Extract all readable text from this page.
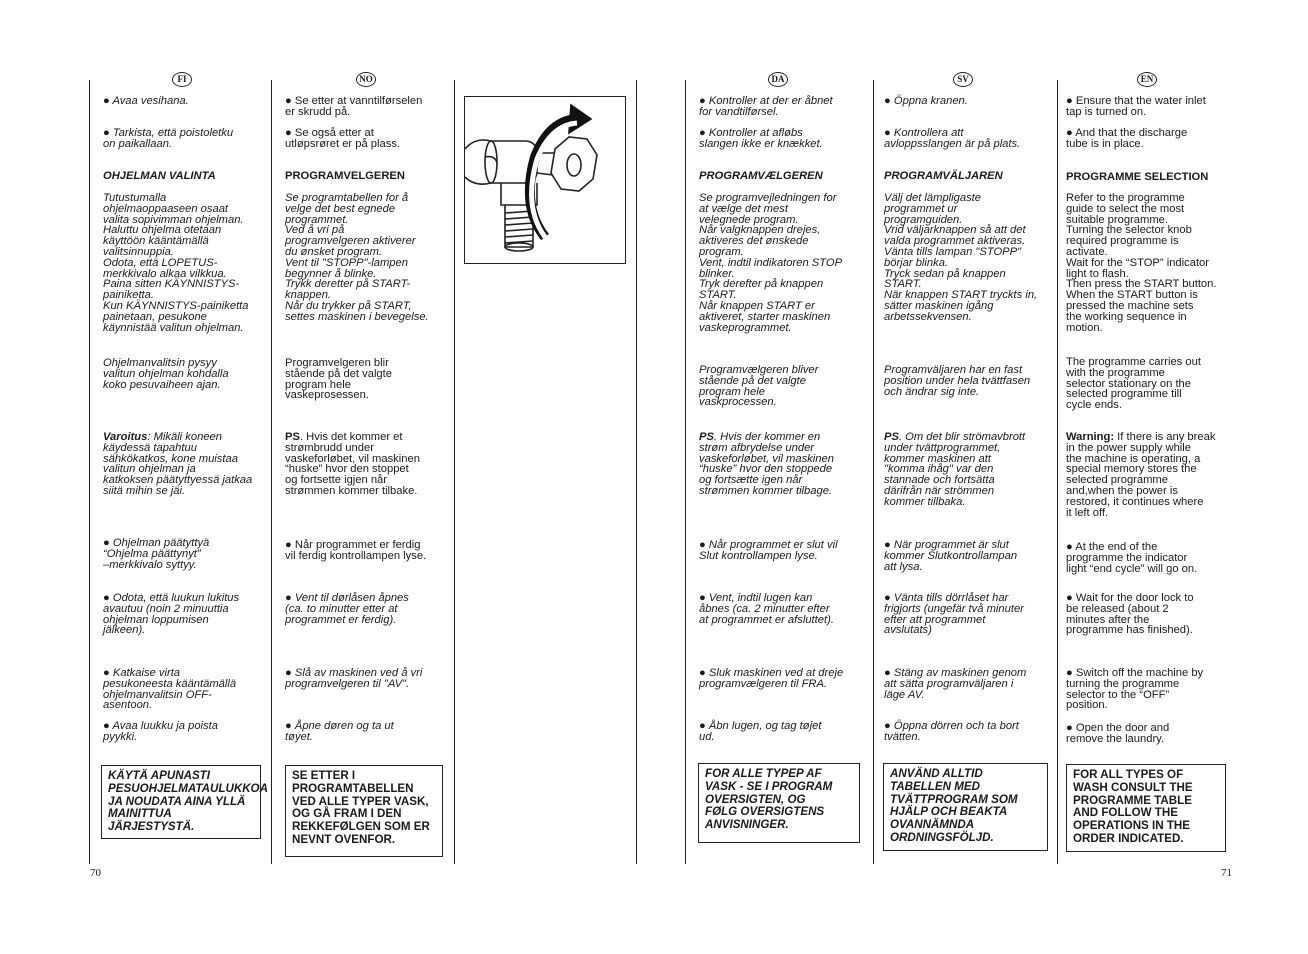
FI

● Avaa vesihana.

● Tarkista, että poistoletku
on paikallaan.

OHJELMAN VALINTA

Tutustumalla
ohjelmaoppaaseen osaat
valita sopivimman ohjelman.
Haluttu ohjelma otetaan
käyttöön kääntämällä
valitsinnuppia.
Odota, että LOPETUS-
merkkivalo alkaa vilkkua.
Paina sitten KÄYNNISTYS-
painiketta.
Kun KÄYNNISTYS-painiketta
painetaan, pesukone
käynnistää valitun ohjelman.

Ohjelmanvalitsin pysyy
valitun ohjelman kohdalla
koko pesuvaiheen ajan.

Varoitus: Mikäli koneen
käydessä tapahtuu
sähkökatkos, kone muistaa
valitun ohjelman ja
katkoksen päätyttyessä jatkaa
siitä mihin se jäi.

● Ohjelman päätyttyä
“Ohjelma päättynyt”
–merkkivalo syttyy.

● Odota, että luukun lukitus
avautuu (noin 2 minuuttia
ohjelman loppumisen
jälkeen).

● Katkaise virta
pesukoneesta kääntämällä
ohjelmanvalitsin OFF-
asentoon.

● Avaa luukku ja poista
pyykki.

KÄYTÄ APUNASTI
PESUOHJELMATAULUKKOA
JA NOUDATA AINA YLLÄ
MAINITTUA JÄRJESTYSTÄ.
NO

● Se etter at vanntilførselen
er skrudd på.

● Se også etter at
utløpsrøret er på plass.

PROGRAMVELGEREN

Se programtabellen for å
velge det best egnede
programmet.
Ved å vri på
programvelgeren aktiverer
du ønsket program.
Vent til "STOPP"-lampen
begynner å blinke.
Trykk deretter på START-
knappen.
Når du trykker på START,
settes maskinen i bevegelse.

Programvelgeren blir
stående på det valgte
program hele
vaskeprosessen.

PS. Hvis det kommer et
strømbrudd under
vaskeforløbet, vil maskinen
“huske” hvor den stoppet
og fortsette igjen når
strømmen kommer tilbake.

● Når programmet er ferdig
vil ferdig kontrollampen lyse.

● Vent til dørlåsen åpnes
(ca. to minutter etter at
programmet er ferdig).

● Slå av maskinen ved å vri
programvelgeren til "AV".

● Åpne døren og ta ut
tøyet.

SE ETTER I
PROGRAMTABELLEN
VED ALLE TYPER VASK,
OG GÅ FRAM I DEN
REKKEFØLGEN SOM ER
NEVNT OVENFOR.
DA

● Kontroller at der er åbnet
for vandtilførsel.

● Kontroller at afløbs
slangen ikke er knækket.

PROGRAMVÆLGEREN

Se programvejledningen for
at vælge det mest
velegnede program.
Når valgknappen drejes,
aktiveres det ønskede
program.
Vent, indtil indikatoren STOP
blinker.
Tryk derefter på knappen
START.
Når knappen START er
aktiveret, starter maskinen
vaskeprogrammet.

Programvælgeren bliver
stående på det valgte
program hele
vaskprocessen.

PS. Hvis der kommer en
strøm afbrydelse under
vaskeforløbet, vil maskinen
“huske” hvor den stoppede
og fortsætte igen når
strømmen kommer tilbage.

● Når programmet er slut vil
Slut kontrollampen lyse.

● Vent, indtil lugen kan
åbnes (ca. 2 minutter efter
at programmet er afsluttet).

● Sluk maskinen ved at dreje
programvælgeren til FRA.

● Åbn lugen, og tag tøjet
ud.

FOR ALLE TYPEP AF
VASK - SE I PROGRAM
OVERSIGTEN, OG
FØLG OVERSIGTENS
ANVISNINGER.
SV

● Öppna kranen.

● Kontrollera att
avloppsslangen är på plats.

PROGRAMVÄLJAREN

Välj det lämpligaste
programmet ur
programguiden.
Vrid väljarknappen så att det
valda programmet aktiveras.
Vänta tills lampan "STOPP"
börjar blinka.
Tryck sedan på knappen
START.
När knappen START tryckts in,
sätter maskinen igång
arbetssekvensen.

Programväljaren har en fast
position under hela tvättfasen
och ändrar sig inte.

PS. Om det blir strömavbrott
under tvättprogrammet,
kommer maskinen att
"komma ihåg" var den
stannade och fortsätta
därifrån när strömmen
kommer tillbaka.

● När programmet är slut
kommer Slutkontrollampan
att lysa.

● Vänta tills dörrlåset har
frigjorts (ungefär två minuter
efter att programmet
avslutats)

● Stäng av maskinen genom
att sätta programväljaren i
läge AV.

● Öppna dörren och ta bort
tvätten.

ANVÄND ALLTID
TABELLEN MED
TVÄTTPROGRAM SOM
HJÄLP OCH BEAKTA
OVANNÄMNDA
ORDNINGSFÖLJD.
EN

● Ensure that the water inlet
tap is turned on.

● And that the discharge
tube is in place.

PROGRAMME SELECTION

Refer to the programme
guide to select the most
suitable programme.
Turning the selector knob
required programme is
activate.
Wait for the “STOP” indicator
light to flash.
Then press the START button.
When the START button is
pressed the machine sets
the working sequence in
motion.

The programme carries out
with the programme
selector stationary on the
selected programme till
cycle ends.

Warning: If there is any break
in the power supply while
the machine is operating, a
special memory stores the
selected programme
and,when the power is
restored, it continues where
it left off.

● At the end of the
programme the indicator
light “end cycle” will go on.

● Wait for the door lock to
be released (about 2
minutes after the
programme has finished).

● Switch off the machine by
turning the programme
selector to the “OFF”
position.

● Open the door and
remove the laundry.

FOR ALL TYPES OF
WASH CONSULT THE
PROGRAMME TABLE
AND FOLLOW THE
OPERATIONS IN THE
ORDER INDICATED.
70	71
